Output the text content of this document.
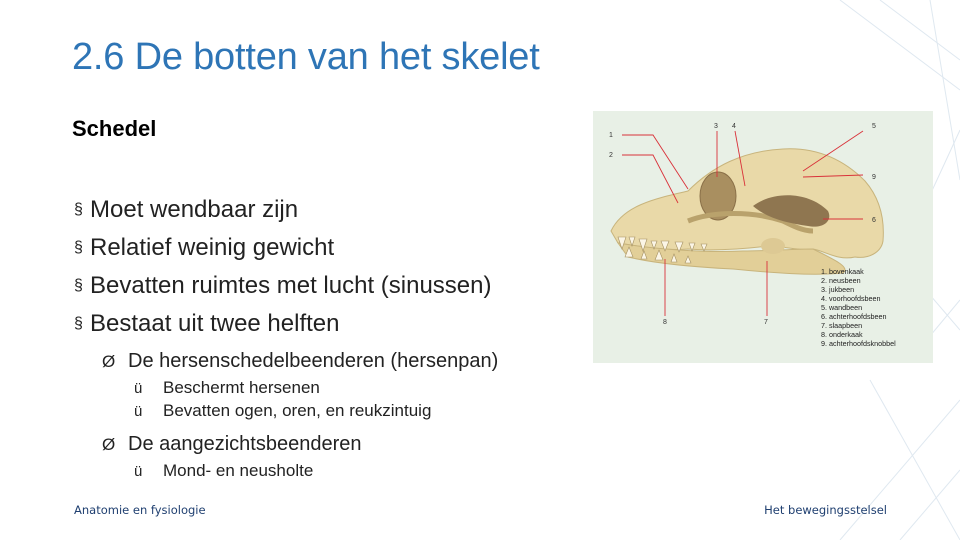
2.6 De botten van het skelet
Schedel
§ Moet wendbaar zijn
§ Relatief weinig gewicht
§ Bevatten ruimtes met lucht (sinussen)
§ Bestaat uit twee helften
Ø De hersenschedelbeenderen (hersenpan)
ü Beschermt hersenen
ü Bevatten ogen, oren, en reukzintuig
Ø De aangezichtsbeenderen
ü Mond- en neusholte
1
2
3 4	5
9
6
8	7
1. bovenkaak
2. neusbeen
3. jukbeen
4. voorhoofdsbeen
5. wandbeen
6. achterhoofdsbeen
7. slaapbeen
8. onderkaak
9. achterhoofdsknobbel
Anatomie en fysiologie	Het bewegingsstelsel
